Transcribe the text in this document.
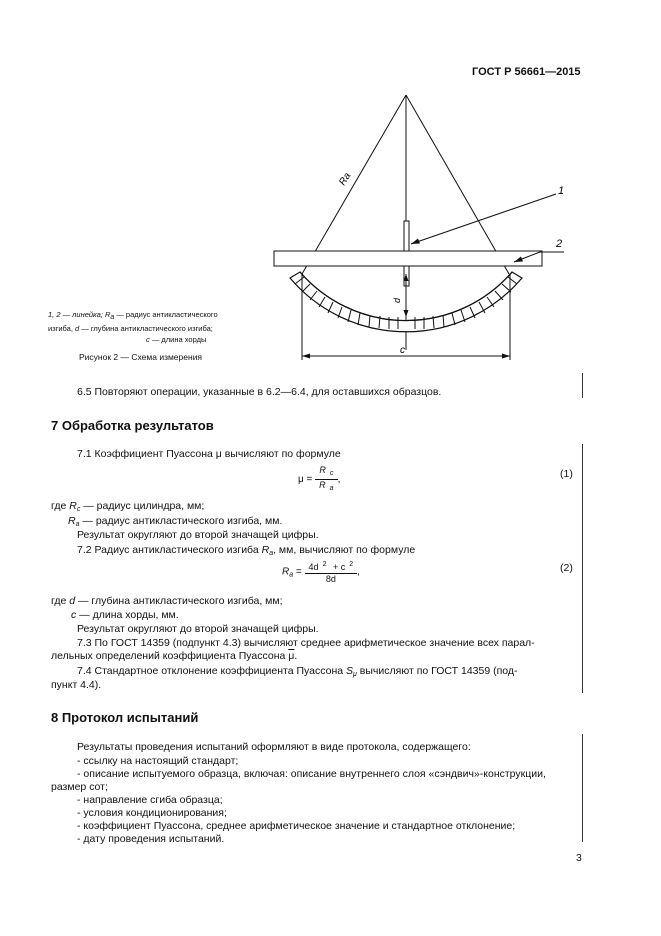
ГОСТ Р 56661—2015
Rа
d
c
1
2
1, 2 — линейка; Ra — радиус антикластического
изгиба, d — глубина антикластического изгиба;
c — длина хорды
Рисунок 2 — Схема измерения
6.5 Повторяют операции, указанные в 6.2—6.4, для оставшихся образцов.
7 Обработка результатов
7.1 Коэффициент Пуассона μ вычисляют по формуле
$\mu = \frac{R _c}{R _a}$ ,	(1)
где $R_c$ — радиус цилиндра, мм;
$R_a$ — радиус антикластического изгиба, мм.
Результат округляют до второй значащей цифры.
7.2 Радиус антикластического изгиба $R_a$, мм, вычисляют по формуле
$R_a = \frac{4d ^2 + c ^2}{8d}$ ,	(2)
где d — глубина антикластического изгиба, мм;
c — длина хорды, мм.
Результат округляют до второй значащей цифры.
7.3 По ГОСТ 14359 (подпункт 4.3) вычисляют среднее арифметическое значение всех парал-
лельных определений коэффициента Пуассона $\overline{\mu}$.
7.4 Стандартное отклонение коэффициента Пуассона $S_\mu$ вычисляют по ГОСТ 14359 (под-
пункт 4.4).
8 Протокол испытаний
Результаты проведения испытаний оформляют в виде протокола, содержащего:
- ссылку на настоящий стандарт;
- описание испытуемого образца, включая: описание внутреннего слоя «сэндвич»-конструкции,
размер сот;
- направление сгиба образца;
- условия кондиционирования;
- коэффициент Пуассона, среднее арифметическое значение и стандартное отклонение;
- дату проведения испытаний.
3
